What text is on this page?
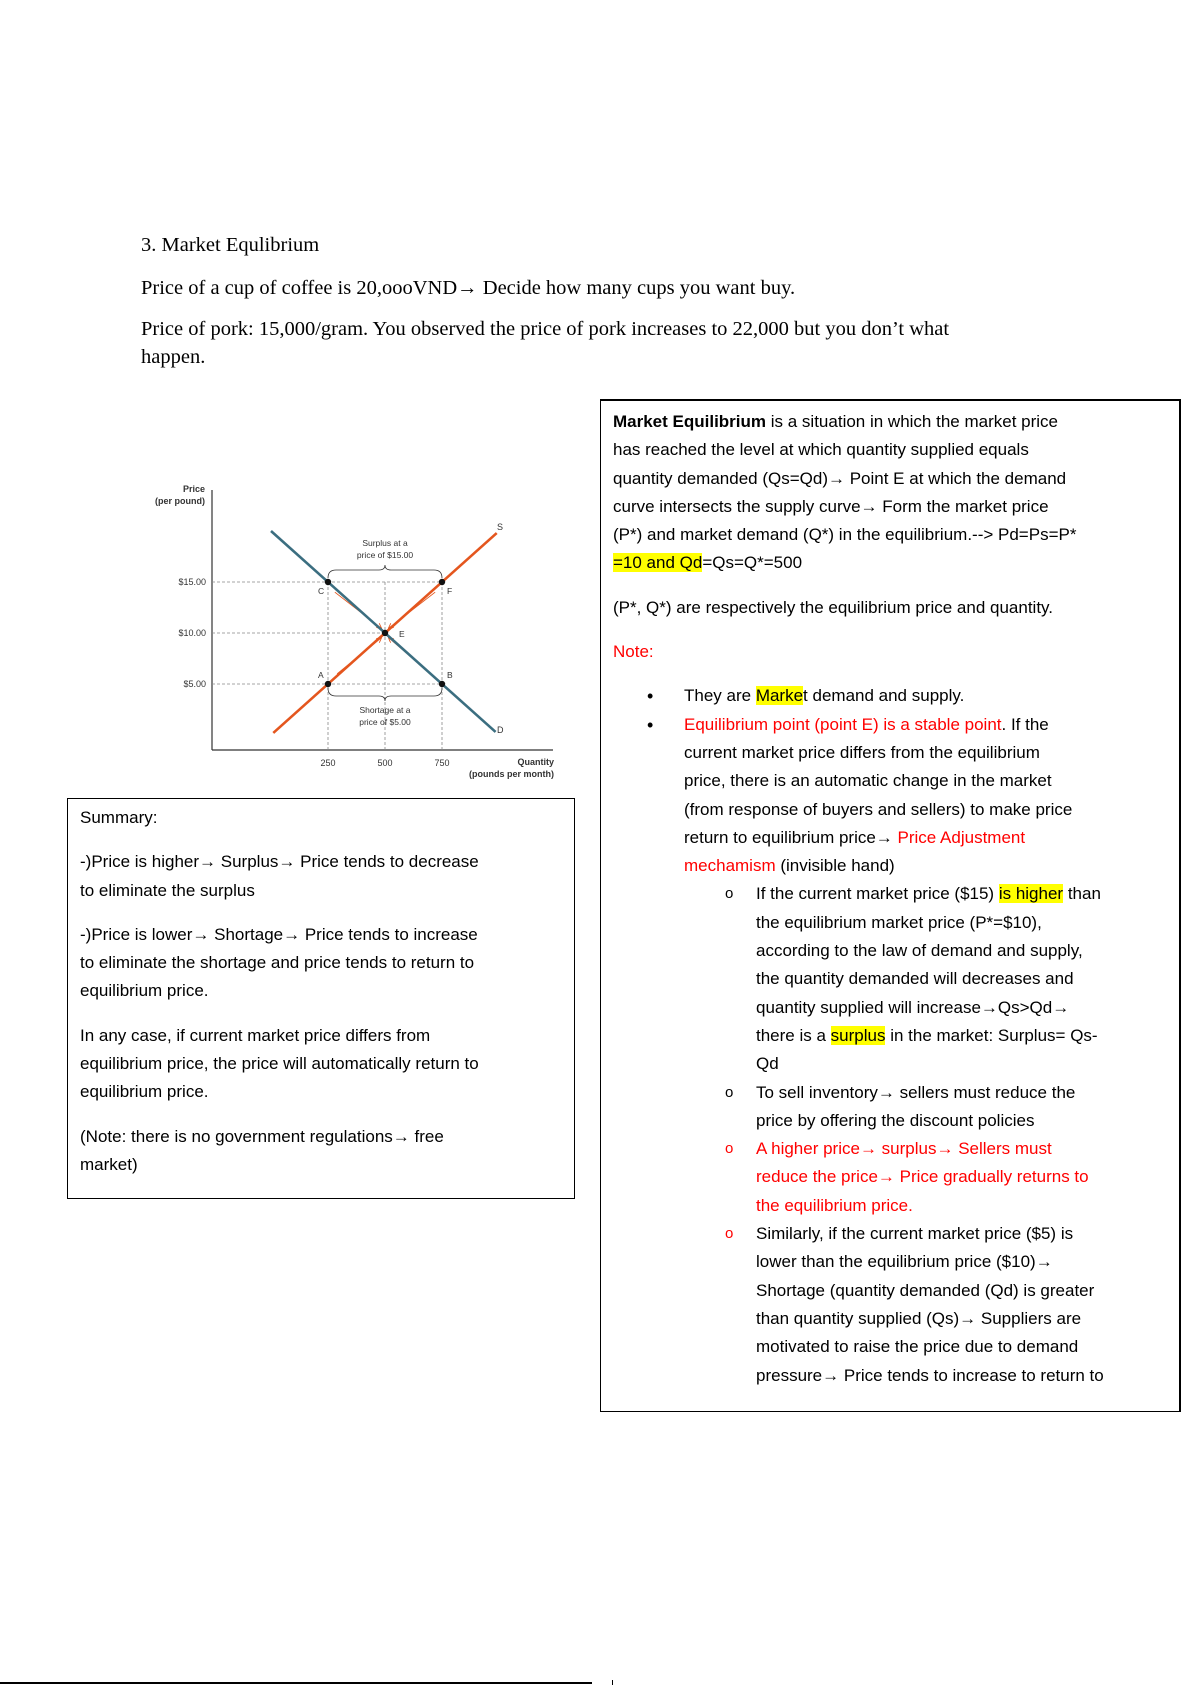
3. Market Equlibrium
Price of a cup of coffee is 20,oooVND→ Decide how many cups you want buy.
Price of pork: 15,000/gram. You observed the price of pork increases to 22,000 but you don’t what
happen.
$15.00
$10.00
$5.00
250	500	750
Price
(per pound)
Quantity
(pounds per month)
S
D
Surplus at a
price of $15.00
Shortage at a
price of $5.00
C	F
E
A	B
Summary:
-)Price is higher→ Surplus→ Price tends to decrease
to eliminate the surplus
-)Price is lower→ Shortage→ Price tends to increase
to eliminate the shortage and price tends to return to
equilibrium price.
In any case, if current market price differs from
equilibrium price, the price will automatically return to
equilibrium price.
(Note: there is no government regulations→ free
market)
Market Equilibrium is a situation in which the market price
has reached the level at which quantity supplied equals
quantity demanded (Qs=Qd)→ Point E at which the demand
curve intersects the supply curve→ Form the market price
(P*) and market demand (Q*) in the equilibrium.--> Pd=Ps=P*
=10 and Qd=Qs=Q*=500
(P*, Q*) are respectively the equilibrium price and quantity.
Note:
• They are Market demand and supply.
• Equilibrium point (point E) is a stable point. If the
current market price differs from the equilibrium
price, there is an automatic change in the market
(from response of buyers and sellers) to make price
return to equilibrium price→ Price Adjustment
mechamism (invisible hand)
o If the current market price ($15) is higher than
the equilibrium market price (P*=$10),
according to the law of demand and supply,
the quantity demanded will decreases and
quantity supplied will increase→Qs>Qd→
there is a surplus in the market: Surplus= Qs-
Qd
o To sell inventory→ sellers must reduce the
price by offering the discount policies
o A higher price→ surplus→ Sellers must
reduce the price→ Price gradually returns to
the equilibrium price.
o Similarly, if the current market price ($5) is
lower than the equilibrium price ($10)→
Shortage (quantity demanded (Qd) is greater
than quantity supplied (Qs)→ Suppliers are
motivated to raise the price due to demand
pressure→ Price tends to increase to return to
